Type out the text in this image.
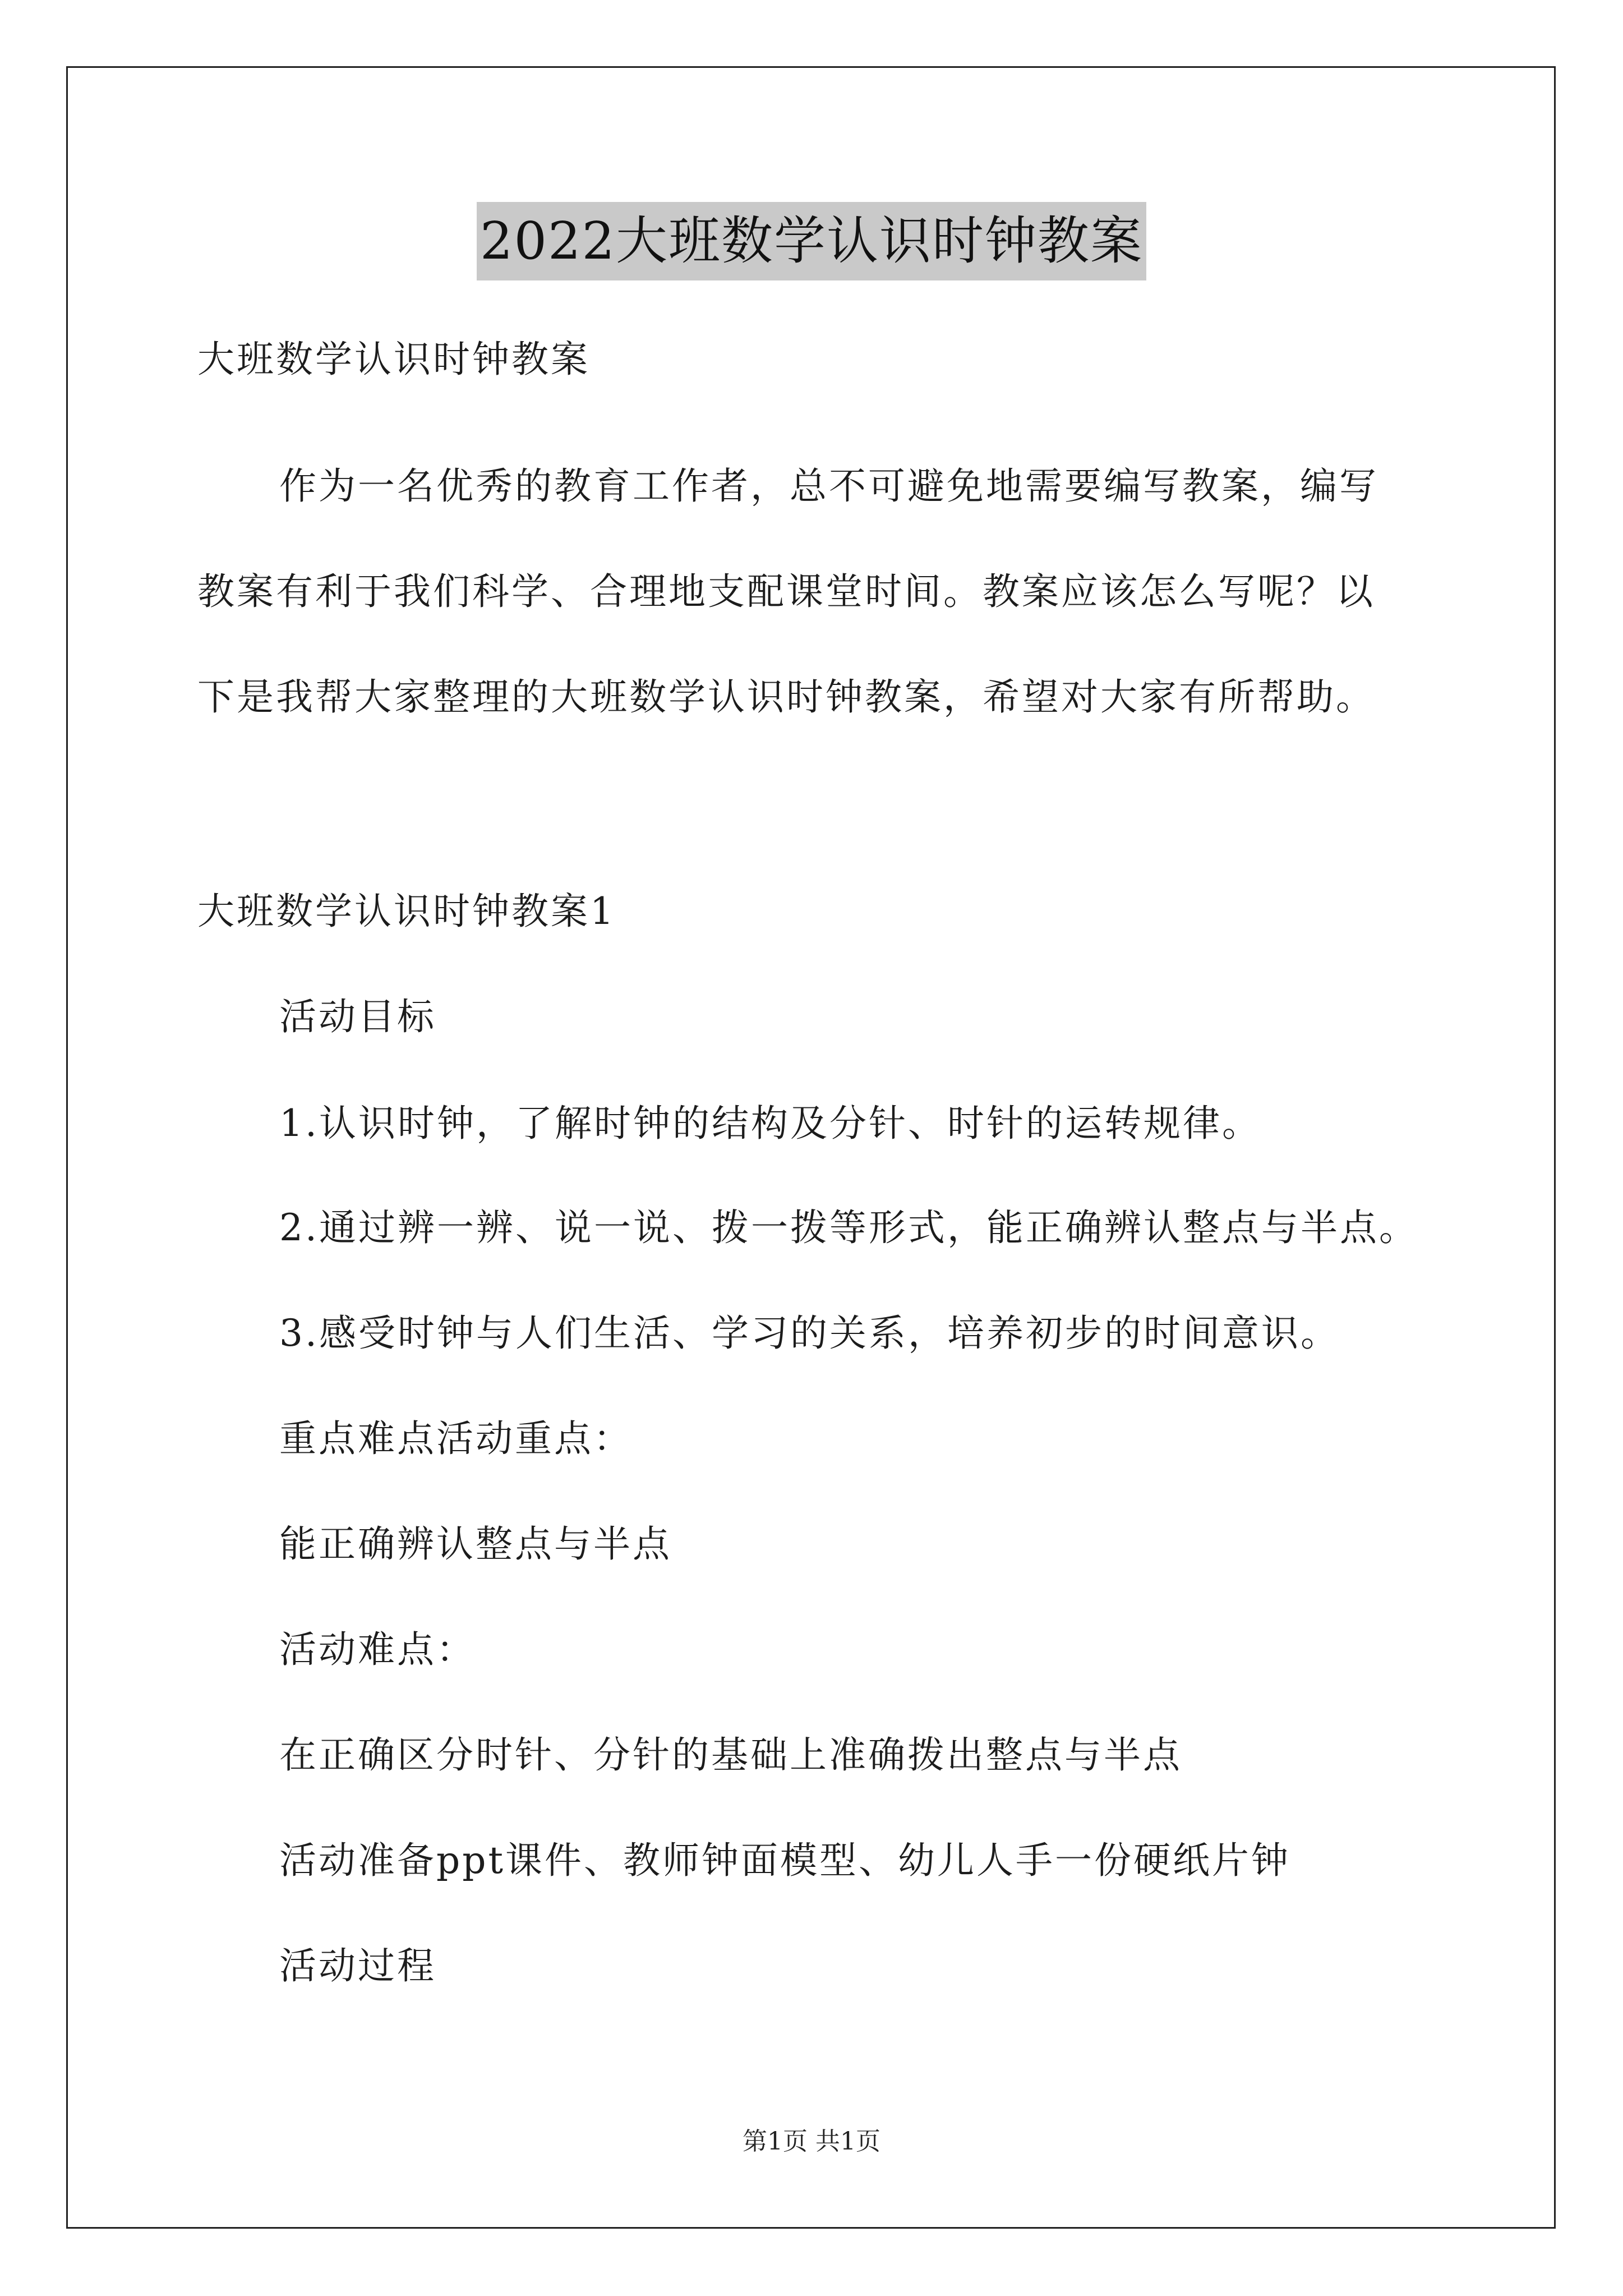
2022大班数学认识时钟教案
大班数学认识时钟教案
作为一名优秀的教育工作者，总不可避免地需要编写教案，编写
教案有利于我们科学、合理地支配课堂时间。教案应该怎么写呢？以
下是我帮大家整理的大班数学认识时钟教案，希望对大家有所帮助。
大班数学认识时钟教案1
活动目标
1.认识时钟，了解时钟的结构及分针、时针的运转规律。
2.通过辨一辨、说一说、拨一拨等形式，能正确辨认整点与半点。
3.感受时钟与人们生活、学习的关系，培养初步的时间意识。
重点难点活动重点：
能正确辨认整点与半点
活动难点：
在正确区分时针、分针的基础上准确拨出整点与半点
活动准备ppt课件、教师钟面模型、幼儿人手一份硬纸片钟
活动过程
第1页 共1页
